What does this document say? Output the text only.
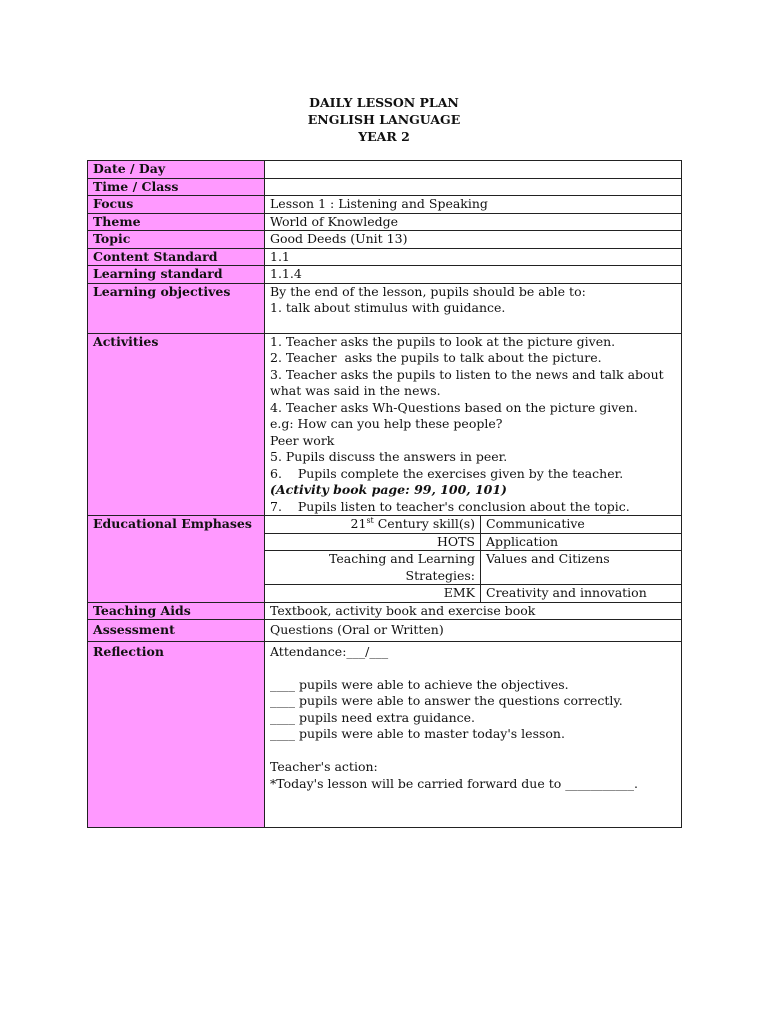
DAILY LESSON PLAN
ENGLISH LANGUAGE
YEAR 2
Date / Day	
Time / Class	
Focus	Lesson 1 : Listening and Speaking
Theme	World of Knowledge
Topic	Good Deeds (Unit 13)
Content Standard	1.1
Learning standard	1.1.4
Learning objectives	By the end of the lesson, pupils should be able to:
1. talk about stimulus with guidance.

Activities	1. Teacher asks the pupils to look at the picture given.
2. Teacher  asks the pupils to talk about the picture.
3. Teacher asks the pupils to listen to the news and talk about what was said in the news.
4. Teacher asks Wh-Questions based on the picture given.
e.g: How can you help these people?
Peer work
5. Pupils discuss the answers in peer.
6.    Pupils complete the exercises given by the teacher. (Activity book page: 99, 100, 101)
7.    Pupils listen to teacher's conclusion about the topic.

Educational Emphases		21st Century skill(s)	Communicative
HOTS	Application
Teaching and Learning Strategies:	Values and Citizens
EMK	Creativity and innovation

Teaching Aids	Textbook, activity book and exercise book
Assessment	Questions (Oral or Written)
Reflection	Attendance:___/___
____ pupils were able to achieve the objectives.
____ pupils were able to answer the questions correctly.
____ pupils need extra guidance.
____ pupils were able to master today's lesson.
Teacher's action:
*Today's lesson will be carried forward due to ___________.
